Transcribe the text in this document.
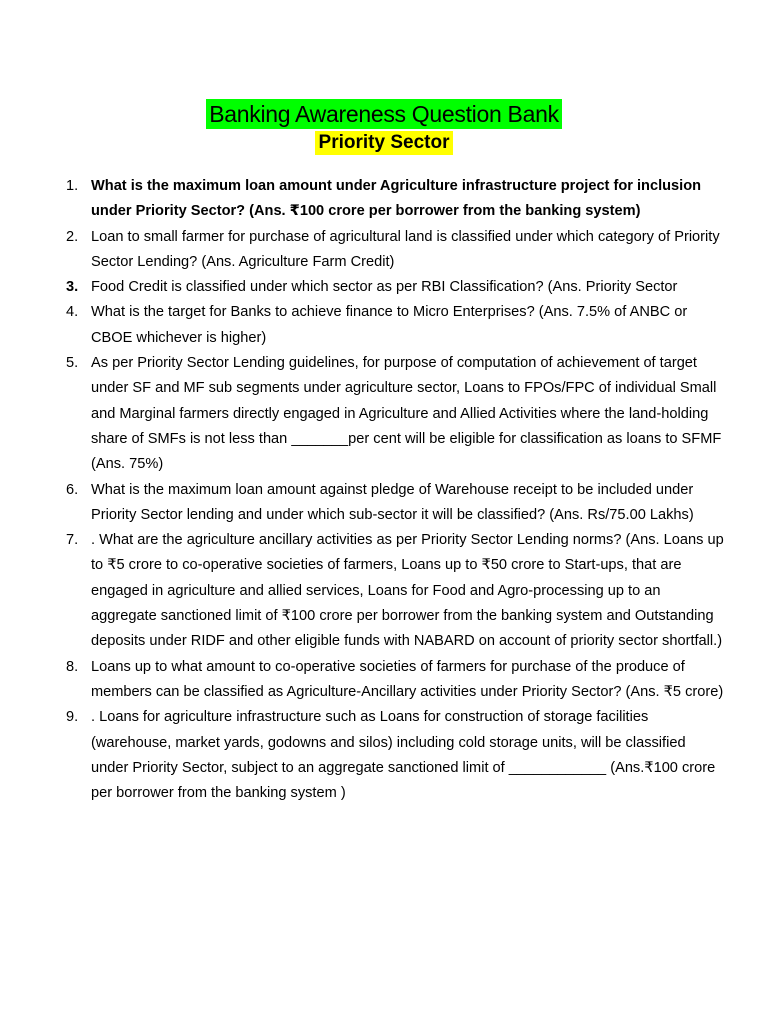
Banking Awareness Question Bank
Priority Sector
1. What is the maximum loan amount under Agriculture infrastructure project for inclusion under Priority Sector? (Ans. ₹100 crore per borrower from the banking system)
2. Loan to small farmer for purchase of agricultural land is classified under which category of Priority Sector Lending? (Ans. Agriculture Farm Credit)
3. Food Credit is classified under which sector as per RBI Classification? (Ans. Priority Sector
4. What is the target for Banks to achieve finance to Micro Enterprises? (Ans. 7.5% of ANBC or CBOE whichever is higher)
5. As per Priority Sector Lending guidelines, for purpose of computation of achievement of target under SF and MF sub segments under agriculture sector, Loans to FPOs/FPC of individual Small and Marginal farmers directly engaged in Agriculture and Allied Activities where the land-holding share of SMFs is not less than _______per cent will be eligible for classification as loans to SFMF (Ans. 75%)
6. What is the maximum loan amount against pledge of Warehouse receipt to be included under Priority Sector lending and under which sub-sector it will be classified? (Ans. Rs/75.00 Lakhs)
7. . What are the agriculture ancillary activities as per Priority Sector Lending norms? (Ans. Loans up to ₹5 crore to co-operative societies of farmers, Loans up to ₹50 crore to Start-ups, that are engaged in agriculture and allied services, Loans for Food and Agro-processing up to an aggregate sanctioned limit of ₹100 crore per borrower from the banking system and Outstanding deposits under RIDF and other eligible funds with NABARD on account of priority sector shortfall.)
8. Loans up to what amount to co-operative societies of farmers for purchase of the produce of members can be classified as Agriculture-Ancillary activities under Priority Sector? (Ans. ₹5 crore)
9. . Loans for agriculture infrastructure such as Loans for construction of storage facilities (warehouse, market yards, godowns and silos) including cold storage units, will be classified under Priority Sector, subject to an aggregate sanctioned limit of ____________ (Ans.₹100 crore per borrower from the banking system )
